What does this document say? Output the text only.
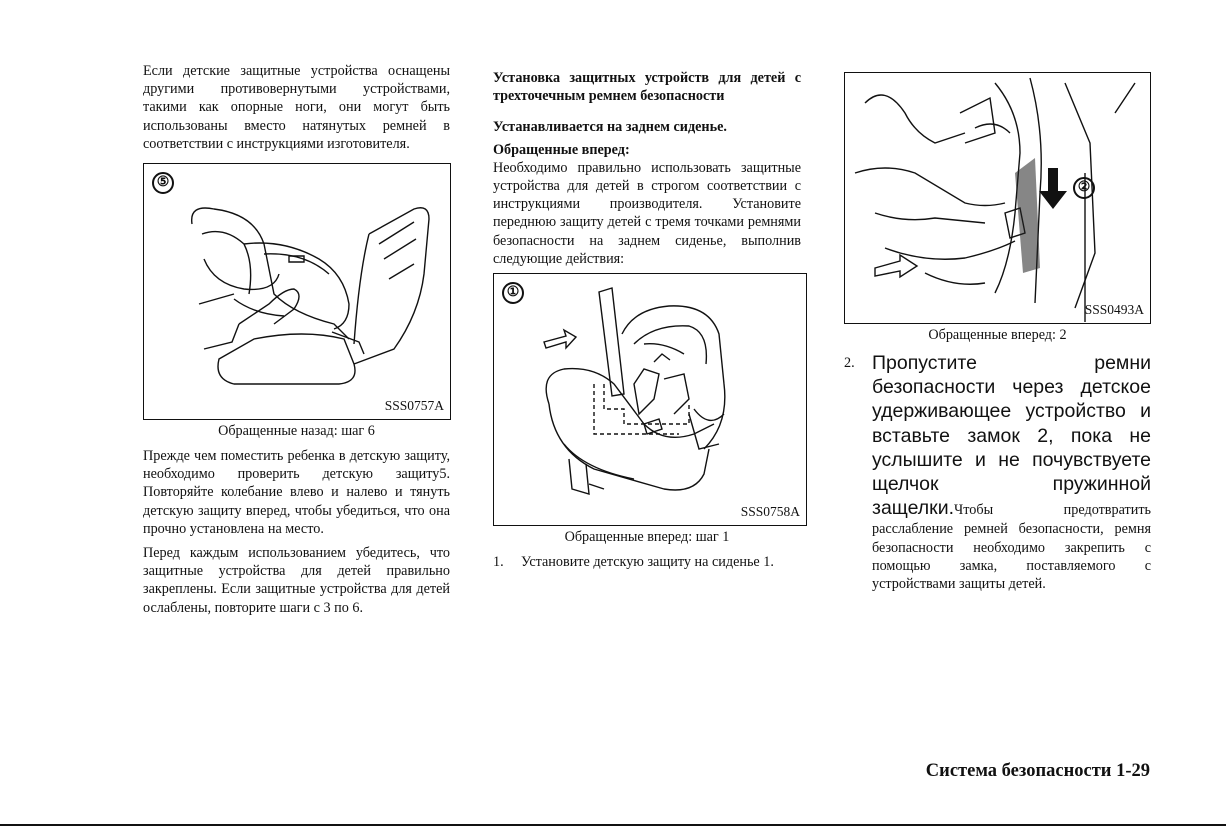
Если детские защитные устройства оснащены другими противовернутыми устройствами, такими как опорные ноги, они могут быть использованы вместо натянутых ремней в соответствии с инструкциями изготовителя.

⑤
SSS0757A
Обращенные назад: шаг 6

Прежде чем поместить ребенка в детскую защиту, необходимо проверить детскую защиту5. Повторяйте колебание влево и налево и тянуть детскую защиту вперед, чтобы убедиться, что она прочно установлена на место.

Перед каждым использованием убедитесь, что защитные устройства для детей правильно закреплены. Если защитные устройства для детей ослаблены, повторите шаги с 3 по 6.

Установка защитных устройств для детей с трехточечным ремнем безопасности

Устанавливается на заднем сиденье.

Обращенные вперед:

Необходимо правильно использовать защитные устройства для детей в строгом соответствии с инструкциями производителя. Установите переднюю защиту детей с тремя точками ремнями безопасности на заднем сиденье, выполнив следующие действия:

①
SSS0758A
Обращенные вперед: шаг 1
1.	Установите детскую защиту на сиденье 1.
②
SSS0493A
Обращенные вперед: 2
2. Пропустите ремни безопасности через детское удерживающее устройство и вставьте замок 2, пока не услышите и не почувствуете щелчок пружинной защелки.Чтобы предотвратить расслабление ремней безопасности, ремня безопасности необходимо закрепить с помощью замка, поставляемого с устройствами защиты детей.
Система безопасности 1-29
